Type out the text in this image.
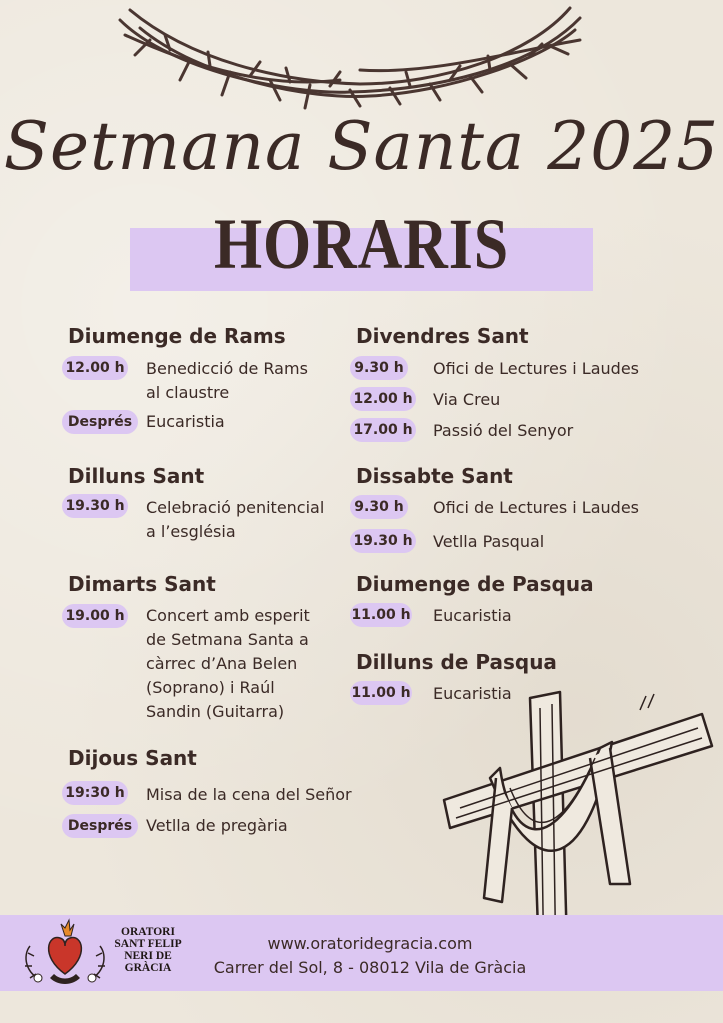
Setmana Santa 2025
HORARIS
Diumenge de Rams
12.00 h Benedicció de Rams
al claustre
Després Eucaristia
Dilluns Sant
19.30 h Celebració penitencial
a l’església
Dimarts Sant
19.00 h Concert amb esperit
de Setmana Santa a
càrrec d’Ana Belen
(Soprano) i Raúl
Sandin (Guitarra)
Dijous Sant
19:30 h Misa de la cena del Señor
Després Vetlla de pregària
Divendres Sant
9.30 h Ofici de Lectures i Laudes
12.00 h Via Creu
17.00 h Passió del Senyor
Dissabte Sant
9.30 h Ofici de Lectures i Laudes
19.30 h Vetlla Pasqual
Diumenge de Pasqua
11.00 h Eucaristia
Dilluns de Pasqua
11.00 h Eucaristia
ORATORI
SANT FELIP
NERI DE
GRÀCIA
www.oratoridegracia.com
Carrer del Sol, 8 - 08012 Vila de Gràcia
